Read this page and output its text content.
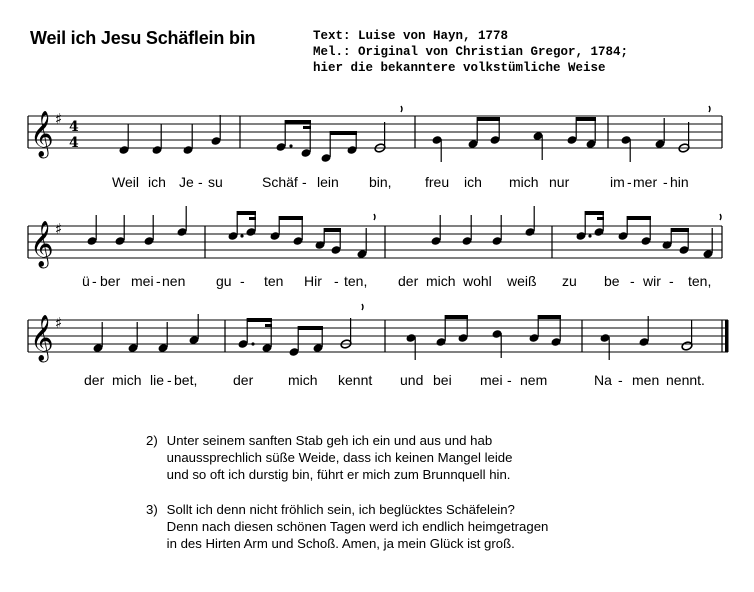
Weil ich Jesu Schäflein bin	Text: Luise von Hayn, 1778
Mel.: Original von Christian Gregor, 1784;
hier die bekanntere volkstümliche Weise
𝄞 ♯ 4
4
Weil ich Je - su	Schäf - lein bin, freu ich mich nur	im - mer - hin
𝄞 ♯
ü - ber mei - nen gu - ten Hir - ten, der mich wohl weiß zu be - wir - ten,
𝄞 ♯
der mich lie - bet,	der mich kennt und bei mei - nem	Na - men nennt.
2) Unter seinem sanften Stab geh ich ein und aus und hab
unaussprechlich süße Weide, dass ich keinen Mangel leide
und so oft ich durstig bin, führt er mich zum Brunnquell hin.
3) Sollt ich denn nicht fröhlich sein, ich beglücktes Schäfelein?
Denn nach diesen schönen Tagen werd ich endlich heimgetragen
in des Hirten Arm und Schoß. Amen, ja mein Glück ist groß.
